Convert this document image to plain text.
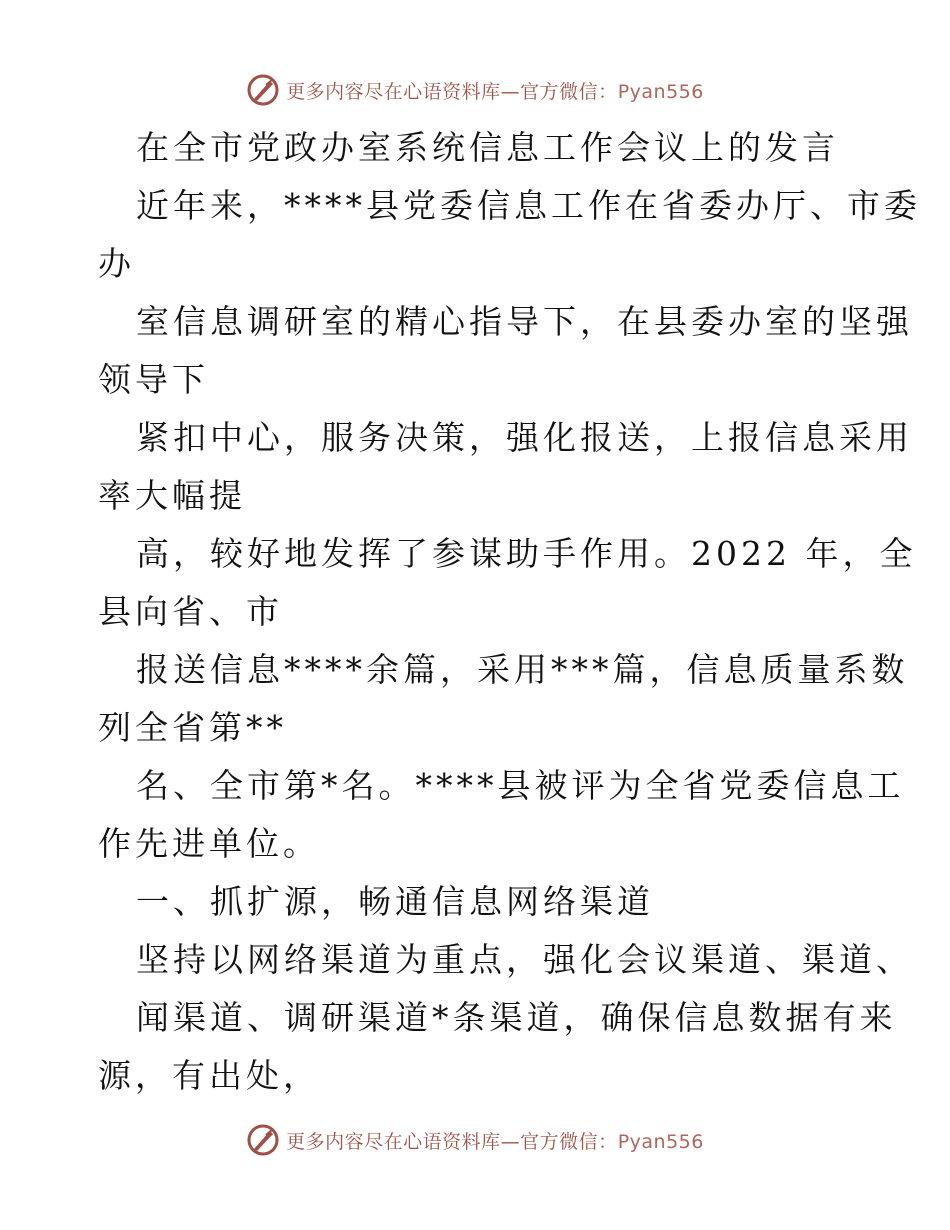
更多内容尽在心语资料库—官方微信：Pyan556
在全市党政办室系统信息工作会议上的发言
近年来，****县党委信息工作在省委办厅、市委
办
室信息调研室的精心指导下，在县委办室的坚强
领导下
紧扣中心，服务决策，强化报送，上报信息采用
率大幅提
高，较好地发挥了参谋助手作用。2022 年，全
县向省、市
报送信息****余篇，采用***篇，信息质量系数
列全省第**
名、全市第*名。****县被评为全省党委信息工
作先进单位。
一、抓扩源，畅通信息网络渠道
坚持以网络渠道为重点，强化会议渠道、渠道、
闻渠道、调研渠道*条渠道，确保信息数据有来
源，有出处，
更多内容尽在心语资料库—官方微信：Pyan556
